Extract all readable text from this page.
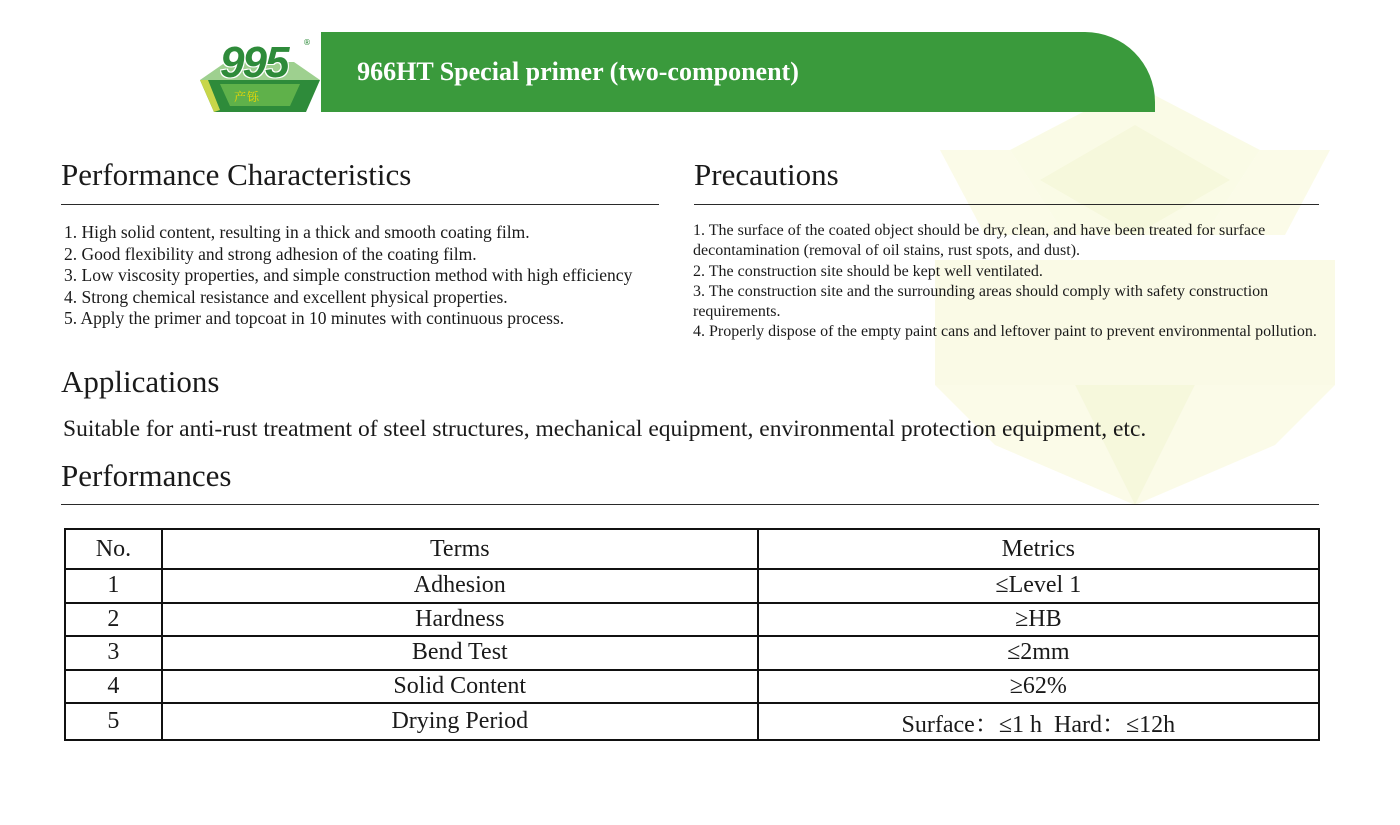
995
产铄
®
966HT Special primer (two-component)
Performance Characteristics
1. High solid content, resulting in a thick and smooth coating film.
2. Good flexibility and strong adhesion of the coating film.
3. Low viscosity properties, and simple construction method with high efficiency
4. Strong chemical resistance and excellent physical properties.
5. Apply the primer and topcoat in 10 minutes with continuous process.
Precautions
1. The surface of the coated object should be dry, clean, and have been treated for surface decontamination (removal of oil stains, rust spots, and dust).
2. The construction site should be kept well ventilated.
3. The construction site and the surrounding areas should comply with safety construction requirements.
4. Properly dispose of the empty paint cans and leftover paint to prevent environmental pollution.
Applications

Suitable for anti-rust treatment of steel structures, mechanical equipment, environmental protection equipment, etc.

Performances
No.	Terms	Metrics
1	Adhesion	≤Level 1
2	Hardness	≥HB
3	Bend Test	≤2mm
4	Solid Content	≥62%
5	Drying Period	Surface：≤1 h  Hard：≤12h
